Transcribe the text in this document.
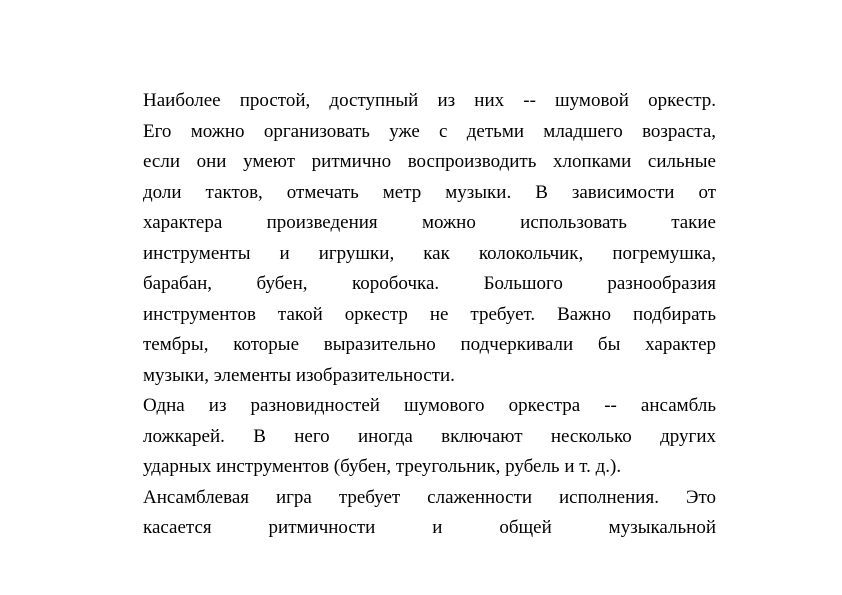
Наиболее простой, доступный из них -- шумовой оркестр.
Его можно организовать уже с детьми младшего возраста,
если они умеют ритмично воспроизводить хлопками сильные
доли тактов, отмечать метр музыки. В зависимости от
характера произведения можно использовать такие
инструменты и игрушки, как колокольчик, погремушка,
барабан, бубен, коробочка. Большого разнообразия
инструментов такой оркестр не требует. Важно подбирать
тембры, которые выразительно подчеркивали бы характер
музыки, элементы изобразительности.
Одна из разновидностей шумового оркестра -- ансамбль
ложкарей. В него иногда включают несколько других
ударных инструментов (бубен, треугольник, рубель и т. д.).
Ансамблевая игра требует слаженности исполнения. Это
касается ритмичности и общей музыкальной
